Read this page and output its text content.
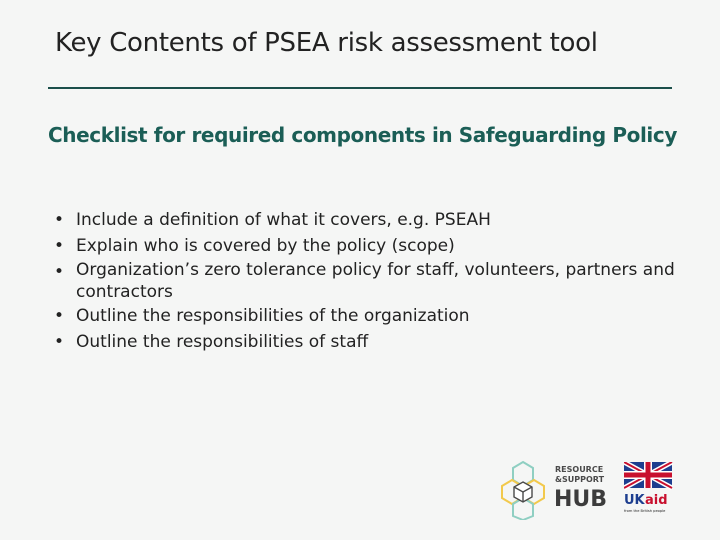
Key Contents of PSEA risk assessment tool
Checklist for required components in Safeguarding Policy
• Include a definition of what it covers, e.g. PSEAH
• Explain who is covered by the policy (scope)
• Organization’s zero tolerance policy for staff, volunteers, partners and contractors
• Outline the responsibilities of the organization
• Outline the responsibilities of staff
RESOURCE
&SUPPORT
HUB UK aid
from the British people
